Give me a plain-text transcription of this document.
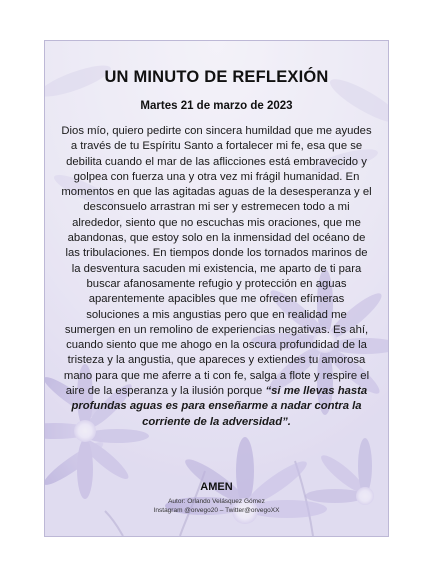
UN MINUTO DE REFLEXIÓN
Martes 21 de marzo de 2023
Dios mío, quiero pedirte con sincera humildad que me ayudes a través de tu Espíritu Santo a fortalecer mi fe, esa que se debilita cuando el mar de las aflicciones está embravecido y golpea con fuerza una y otra vez mi frágil humanidad. En momentos en que las agitadas aguas de la desesperanza y el desconsuelo arrastran mi ser y estremecen todo a mi alrededor, siento que no escuchas mis oraciones, que me abandonas, que estoy solo en la inmensidad del océano de las tribulaciones. En tiempos donde los tornados marinos de la desventura sacuden mi existencia, me aparto de ti para buscar afanosamente refugio y protección en aguas aparentemente apacibles que me ofrecen efímeras soluciones a mis angustias pero que en realidad me sumergen en un remolino de experiencias negativas. Es ahí, cuando siento que me ahogo en la oscura profundidad de la tristeza y la angustia, que apareces y extiendes tu amorosa mano para que me aferre a ti con fe, salga a flote y respire el aire de la esperanza y la ilusión porque “si me llevas hasta profundas aguas es para enseñarme a nadar contra la corriente de la adversidad”.
AMEN
Autor: Orlando Velásquez Gómez
Instagram @orvego20 – Twitter@orvegoXX
